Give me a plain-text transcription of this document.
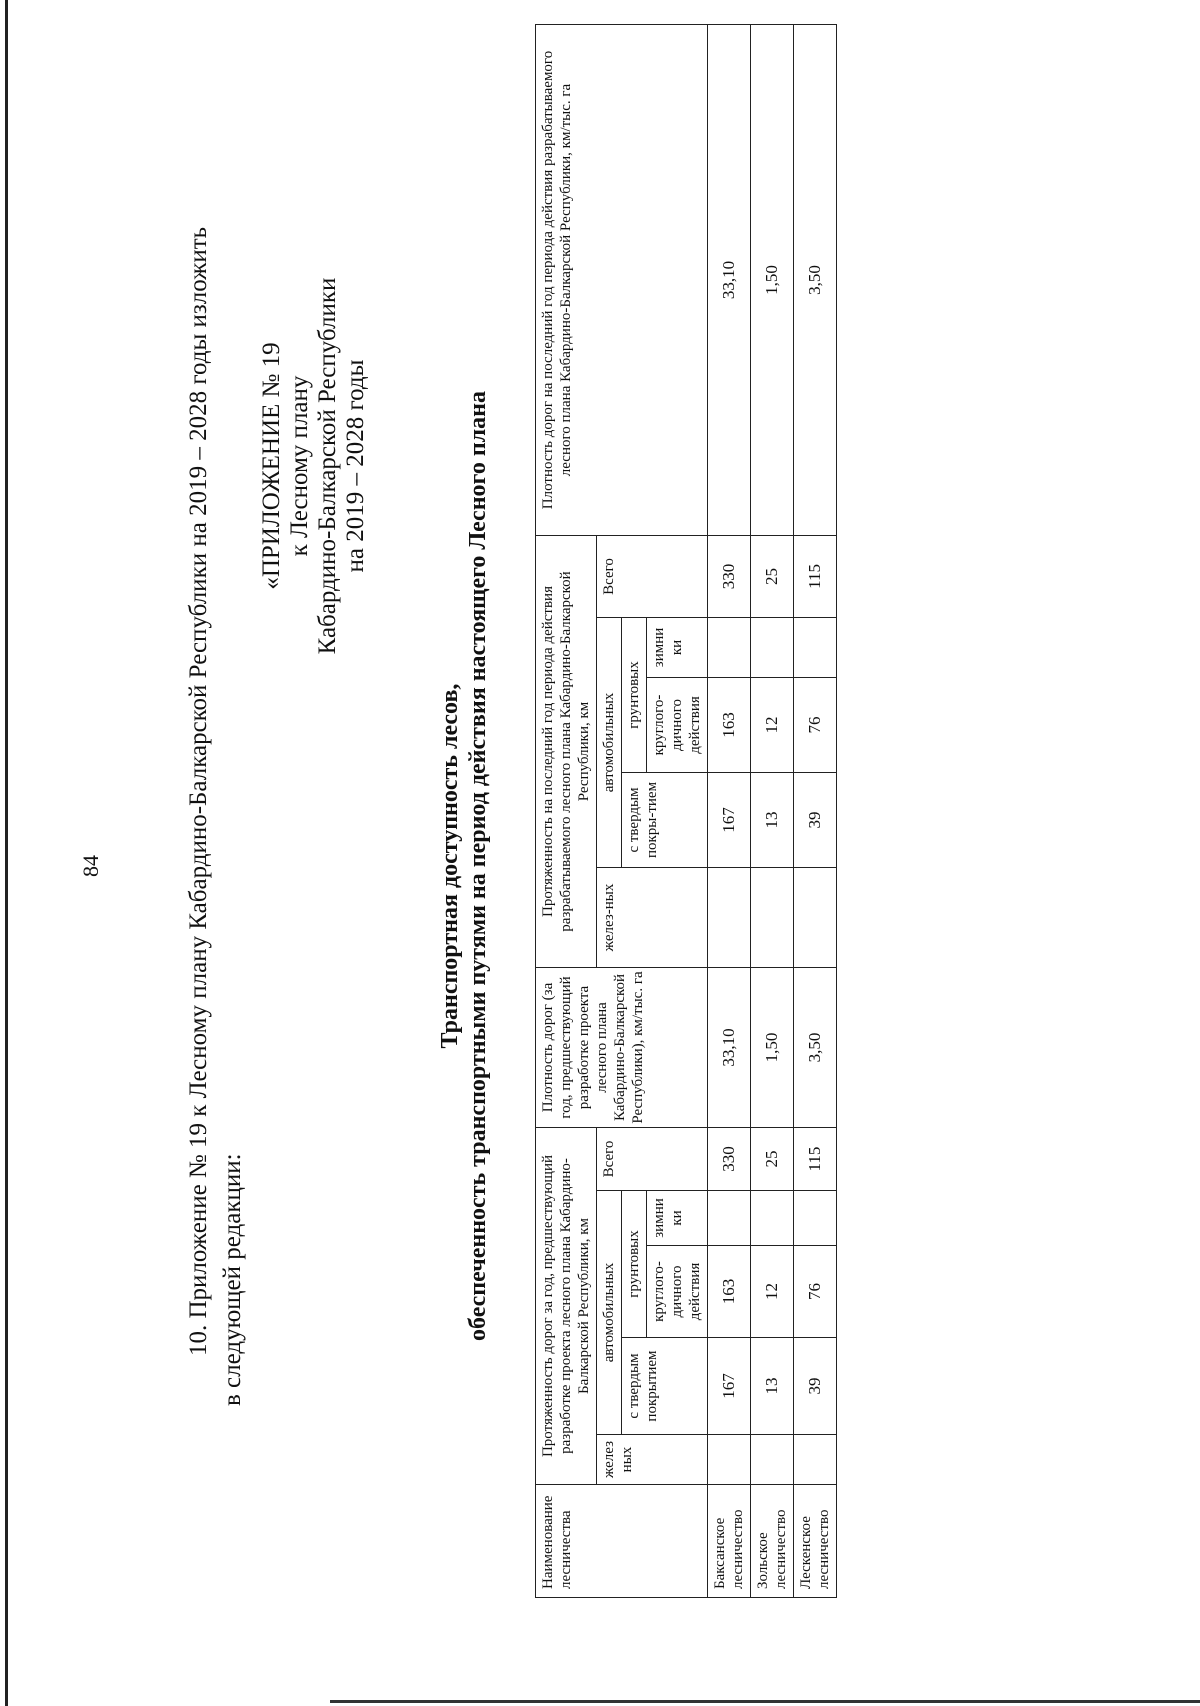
84	10. Приложение № 19 к Лесному плану Кабардино-Балкарской Республики на 2019 – 2028 годы изложить в следующей редакции:
«ПРИЛОЖЕНИЕ № 19 к Лесному плану Кабардино-Балкарской Республики на 2019 – 2028 годы
Транспортная доступность лесов, обеспеченность транспортными путями на период действия настоящего Лесного плана
Наименование лесничества	Протяженность дорог за год, предшествующий разработке проекта лесного плана Кабардино-Балкарской Республики, км					Плотность дорог (за год, предшествующий разработке проекта лесного плана Кабардино-Балкарской Республики), км/тыс. га	Протяженность на последний год периода действия разрабатываемого лесного плана Кабардино-Балкарской Республики, км					Плотность дорог на последний год периода действия разрабатываемого лесного плана Кабардино-Балкарской Республики, км/тыс. га
	желез ных	автомобильных			Всего		желез-ных	автомобильных			Всего	
		с твердым покрытием	грунтовых					с твердым покры-тием	грунтовых			
			круглого-дичного действия	зимни ки					круглого-дичного действия	зимни ки		
Баксанское лесничество		167	163		330	33,10		167	163		330	33,10
Зольское лесничество		13	12		25	1,50		13	12		25	1,50
Лескенское лесничество		39	76		115	3,50		39	76		115	3,50
